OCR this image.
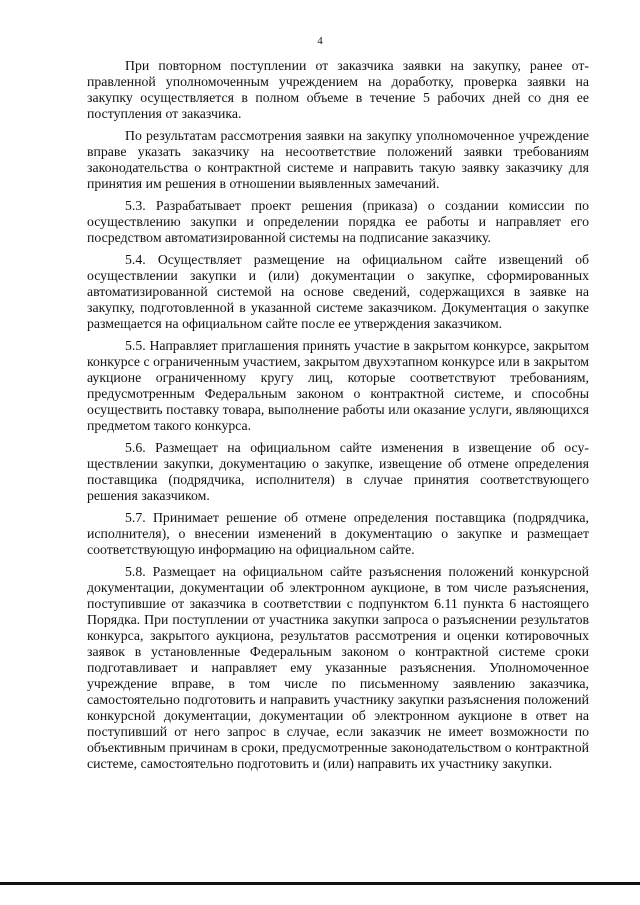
4

При повторном поступлении от заказчика заявки на закупку, ранее отправленной уполномоченным учреждением на доработку, проверка заявки на закупку осуществляется в полном объеме в течение 5 рабочих дней со дня ее поступления от заказчика.

По результатам рассмотрения заявки на закупку уполномоченное учреждение вправе указать заказчику на несоответствие положений заявки требованиям законодательства о контрактной системе и направить такую заявку заказчику для принятия им решения в отношении выявленных замечаний.

5.3. Разрабатывает проект решения (приказа) о создании комиссии по осуществлению закупки и определении порядка ее работы и направляет его посредством автоматизированной системы на подписание заказчику.

5.4. Осуществляет размещение на официальном сайте извещений об осуществлении закупки и (или) документации о закупке, сформированных автоматизированной системой на основе сведений, содержащихся в заявке на закупку, подготовленной в указанной системе заказчиком. Документация о закупке размещается на официальном сайте после ее утверждения заказчиком.

5.5. Направляет приглашения принять участие в закрытом конкурсе, закрытом конкурсе с ограниченным участием, закрытом двухэтапном конкурсе или в закрытом аукционе ограниченному кругу лиц, которые соответствуют требованиям, предусмотренным Федеральным законом о контрактной системе, и способны осуществить поставку товара, выполнение работы или оказание услуги, являющихся предметом такого конкурса.

5.6. Размещает на официальном сайте изменения в извещение об осуществлении закупки, документацию о закупке, извещение об отмене определения поставщика (подрядчика, исполнителя) в случае принятия соответствующего решения заказчиком.

5.7. Принимает решение об отмене определения поставщика (подрядчика, исполнителя), о внесении изменений в документацию о закупке и размещает соответствующую информацию на официальном сайте.

5.8. Размещает на официальном сайте разъяснения положений конкурсной документации, документации об электронном аукционе, в том числе разъяснения, поступившие от заказчика в соответствии с подпунктом 6.11 пункта 6 настоящего Порядка. При поступлении от участника закупки запроса о разъяснении результатов конкурса, закрытого аукциона, результатов рассмотрения и оценки котировочных заявок в установленные Федеральным законом о контрактной системе сроки подготавливает и направляет ему указанные разъяснения. Уполномоченное учреждение вправе, в том числе по письменному заявлению заказчика, самостоятельно подготовить и направить участнику закупки разъяснения положений конкурсной документации, документации об электронном аукционе в ответ на поступивший от него запрос в случае, если заказчик не имеет возможности по объективным причинам в сроки, предусмотренные законодательством о контрактной системе, самостоятельно подготовить и (или) направить их участнику закупки.
